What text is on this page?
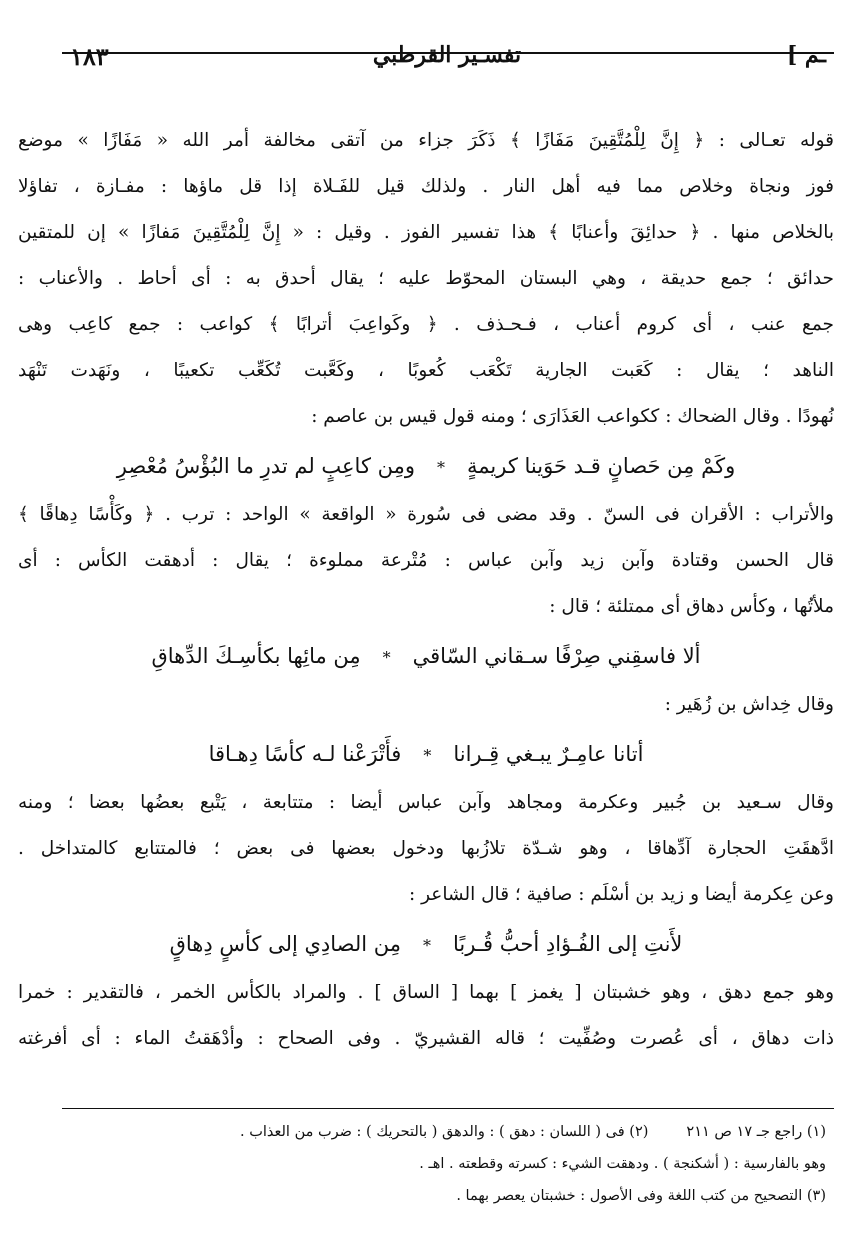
ـم ]
تفسـير القرطبي
١٨٣
قوله تعـالى : ﴿ إِنَّ لِلْمُتَّقِينَ مَفَازًا ﴾ ذَكَرَ جزاء من آتقى مخالفة أمر الله « مَفَازًا » موضع
فوز ونجاة وخلاص مما فيه أهل النار . ولذلك قيل للفَـلاة إذا قل ماؤها : مفـازة ، تفاؤلا
بالخلاص منها . ﴿ حدائِقَ وأعنابًا ﴾ هذا تفسير الفوز . وقيل : « إِنَّ لِلْمُتَّقِينَ مَفازًا » إن للمتقين
حدائق ؛ جمع حديقة ، وهي البستان المحوّط عليه ؛ يقال أحدق به : أى أحاط . والأعناب :
جمع عنب ، أى كروم أعناب ، فـحـذف . ﴿ وكَواعِبَ أترابًا ﴾ كواعب : جمع كاعِب وهى
الناهد ؛ يقال : كَعَبت الجارية تَكْعَب كُعوبًا ، وكَعَّبت تُكَعِّب تكعيبًا ، ونَهَدت تَنْهَد
نُهودًا . وقال الضحاك : ككواعب العَذَارَى ؛ ومنه قول قيس بن عاصم :
وكَمْ مِن حَصانٍ قـد حَوَينا كريمةٍ*ومِن كاعِبٍ لم تدرِ ما البُؤْسُ مُعْصِرِ
والأتراب : الأقران فى السنّ . وقد مضى فى سُورة « الواقعة » الواحد : ترب . ﴿ وكَأْسًا دِهاقًا ﴾
قال الحسن وقتادة وآبن زيد وآبن عباس : مُتْرعة مملوءة ؛ يقال : أدهقت الكأس : أى
ملأتُها ، وكأس دهاق أى ممتلئة ؛ قال :
ألا فاسقِني صِرْفًا سـقاني السّاقي*مِن مائِها بكأسِـكَ الدِّهاقِ
وقال خِداش بن زُهَير :
أتانا عامِـرٌ يبـغي قِـرانا*فأَتْرَعْنا لـه كأسًا دِهـاقا
وقال سـعيد بن جُبير وعكرمة ومجاهد وآبن عباس أيضا : متتابعة ، يَتْبع بعضُها بعضا ؛ ومنه
ادَّهقَتِ الحجارة آدِّهاقا ، وهو شـدّة تلازُبها ودخول بعضها فى بعض ؛ فالمتتابع كالمتداخل .
وعن عِكرمة أيضا و زيد بن أسْلَم : صافية ؛ قال الشاعر :
لأَنتِ إلى الفُـؤادِ أحبُّ قُـربًا*مِن الصادِي إلى كأسٍ دِهاقٍ
وهو جمع دهق ، وهو خشبتان [ يغمز ] بهما [ الساق ] . والمراد بالكأس الخمر ، فالتقدير : خمرا
ذات دهاق ، أى عُصرت وصُفِّيت ؛ قاله القشيريّ . وفى الصحاح : وأدْهَقتُ الماء : أى أفرغته
(١) راجع جـ ١٧ ص ٢١١(٢) فى ( اللسان : دهق ) : والدهق ( بالتحريك ) : ضرب من العذاب .
وهو بالفارسية : ( أشكنجة ) . ودهقت الشيء : كسرته وقطعته . اهـ .
(٣) التصحيح من كتب اللغة وفى الأصول : خشبتان يعصر بهما .
